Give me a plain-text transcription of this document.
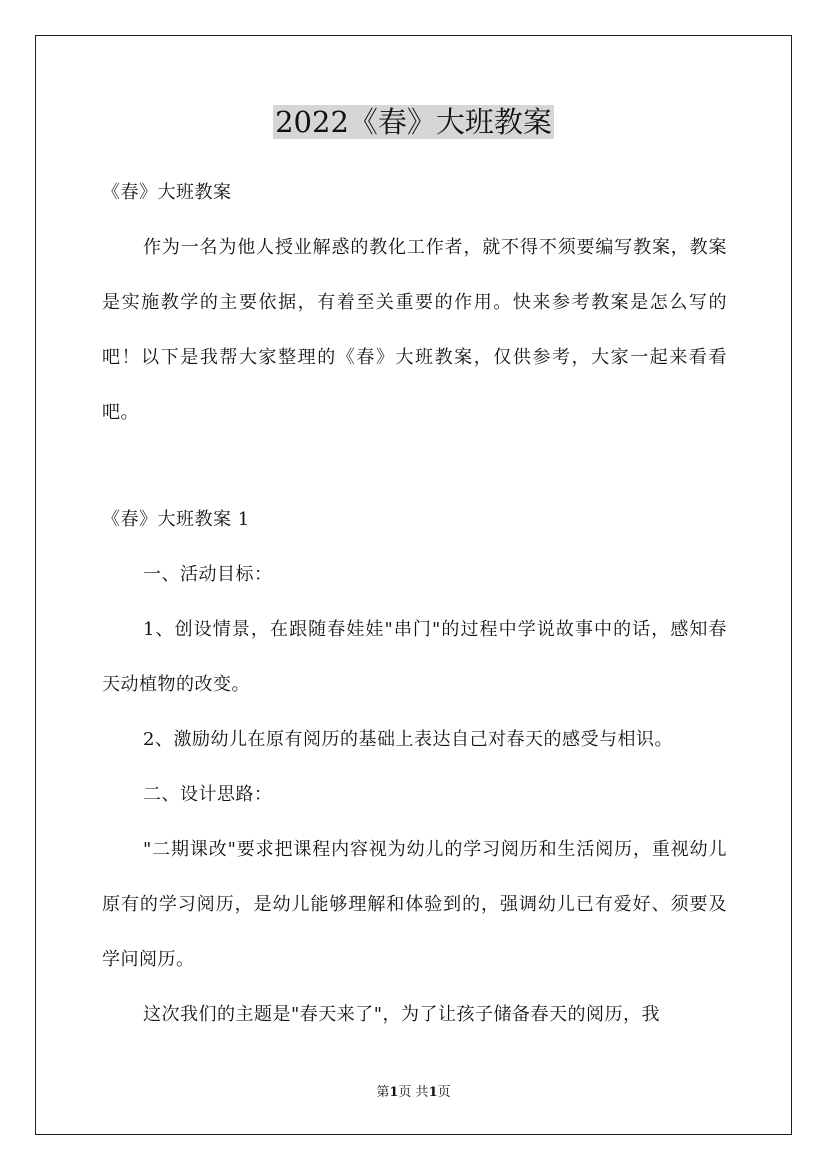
2022《春》大班教案

《春》大班教案

作为一名为他人授业解惑的教化工作者，就不得不须要编写教案，教案是实施教学的主要依据，有着至关重要的作用。快来参考教案是怎么写的吧！以下是我帮大家整理的《春》大班教案，仅供参考，大家一起来看看吧。

《春》大班教案 1

一、活动目标：

1、创设情景，在跟随春娃娃"串门"的过程中学说故事中的话，感知春天动植物的改变。

2、激励幼儿在原有阅历的基础上表达自己对春天的感受与相识。

二、设计思路：

"二期课改"要求把课程内容视为幼儿的学习阅历和生活阅历，重视幼儿原有的学习阅历，是幼儿能够理解和体验到的，强调幼儿已有爱好、须要及学问阅历。

这次我们的主题是"春天来了"，为了让孩子储备春天的阅历，我

第1页 共1页
